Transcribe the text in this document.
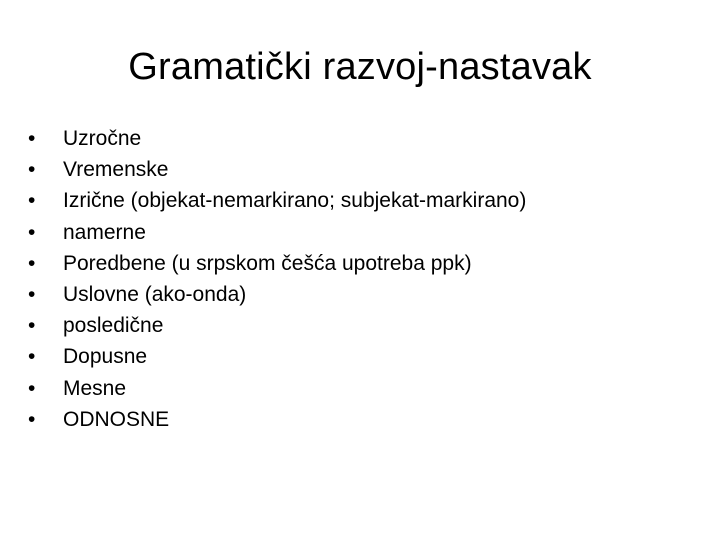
Gramatički razvoj-nastavak
•	Uzročne
•	Vremenske
•	Izrične (objekat-nemarkirano; subjekat-markirano)
•	namerne
•	Poredbene (u srpskom češća upotreba ppk)
•	Uslovne (ako-onda)
•	posledične
•	Dopusne
•	Mesne
•	ODNOSNE
